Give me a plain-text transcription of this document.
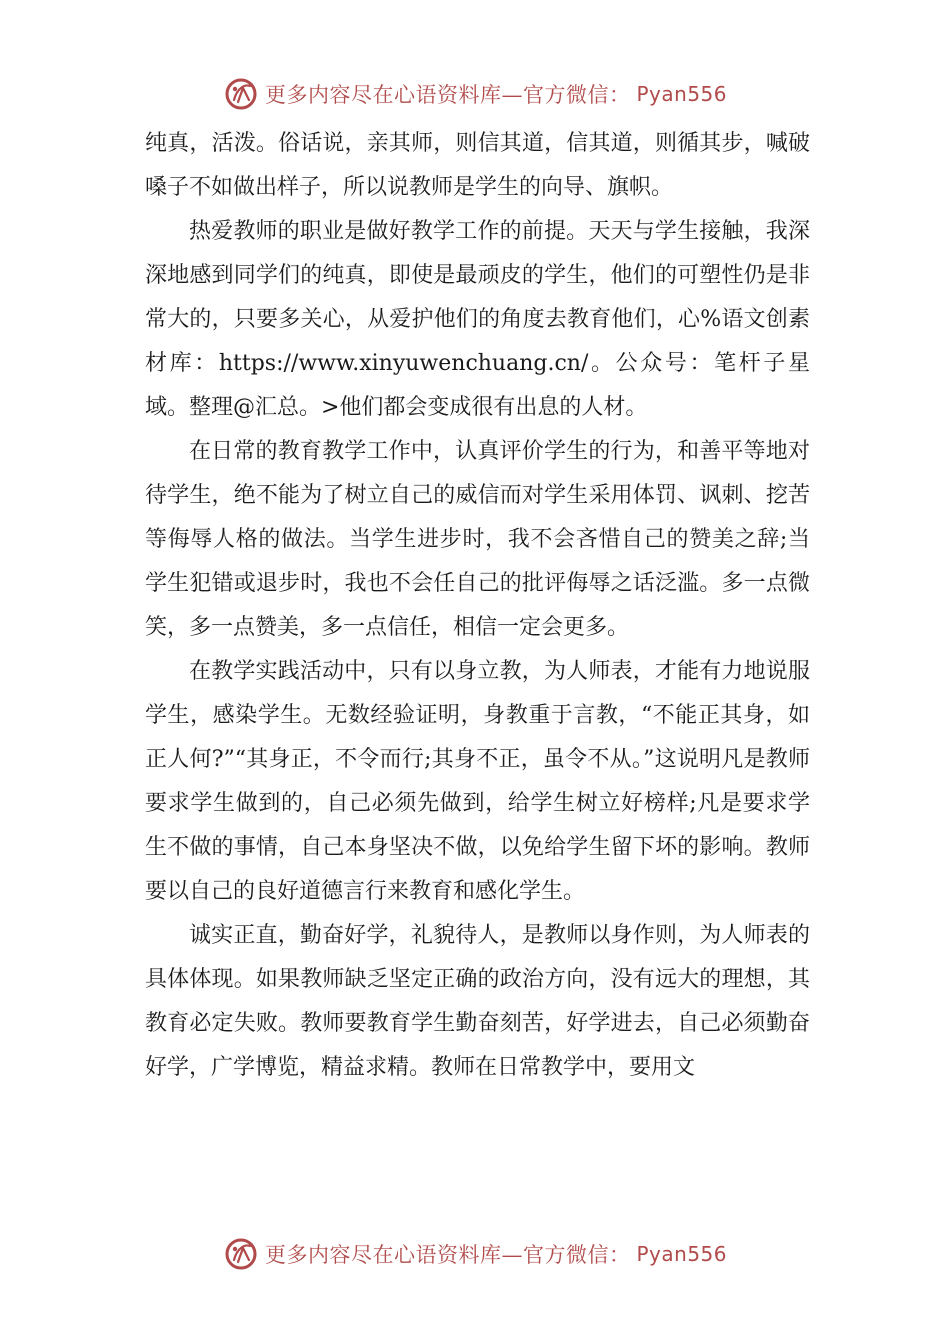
更多内容尽在心语资料库—官方微信： Pyan556

纯真，活泼。俗话说，亲其师，则信其道，信其道，则循其步，喊破嗓子不如做出样子，所以说教师是学生的向导、旗帜。

热爱教师的职业是做好教学工作的前提。天天与学生接触，我深深地感到同学们的纯真，即使是最顽皮的学生，他们的可塑性仍是非常大的，只要多关心，从爱护他们的角度去教育他们，心%语文创素材库：https://www.xinyuwenchuang.cn/。公众号：笔杆子星域。整理@汇总。>他们都会变成很有出息的人材。

在日常的教育教学工作中，认真评价学生的行为，和善平等地对待学生，绝不能为了树立自己的威信而对学生采用体罚、讽刺、挖苦等侮辱人格的做法。当学生进步时，我不会吝惜自己的赞美之辞;当学生犯错或退步时，我也不会任自己的批评侮辱之话泛滥。多一点微笑，多一点赞美，多一点信任，相信一定会更多。

在教学实践活动中，只有以身立教，为人师表，才能有力地说服学生，感染学生。无数经验证明，身教重于言教，“不能正其身，如正人何?”“其身正，不令而行;其身不正，虽令不从。”这说明凡是教师要求学生做到的，自己必须先做到，给学生树立好榜样;凡是要求学生不做的事情，自己本身坚决不做，以免给学生留下坏的影响。教师要以自己的良好道德言行来教育和感化学生。

诚实正直，勤奋好学，礼貌待人，是教师以身作则，为人师表的具体体现。如果教师缺乏坚定正确的政治方向，没有远大的理想，其教育必定失败。教师要教育学生勤奋刻苦，好学进去，自己必须勤奋好学，广学博览，精益求精。教师在日常教学中，要用文

更多内容尽在心语资料库—官方微信： Pyan556
